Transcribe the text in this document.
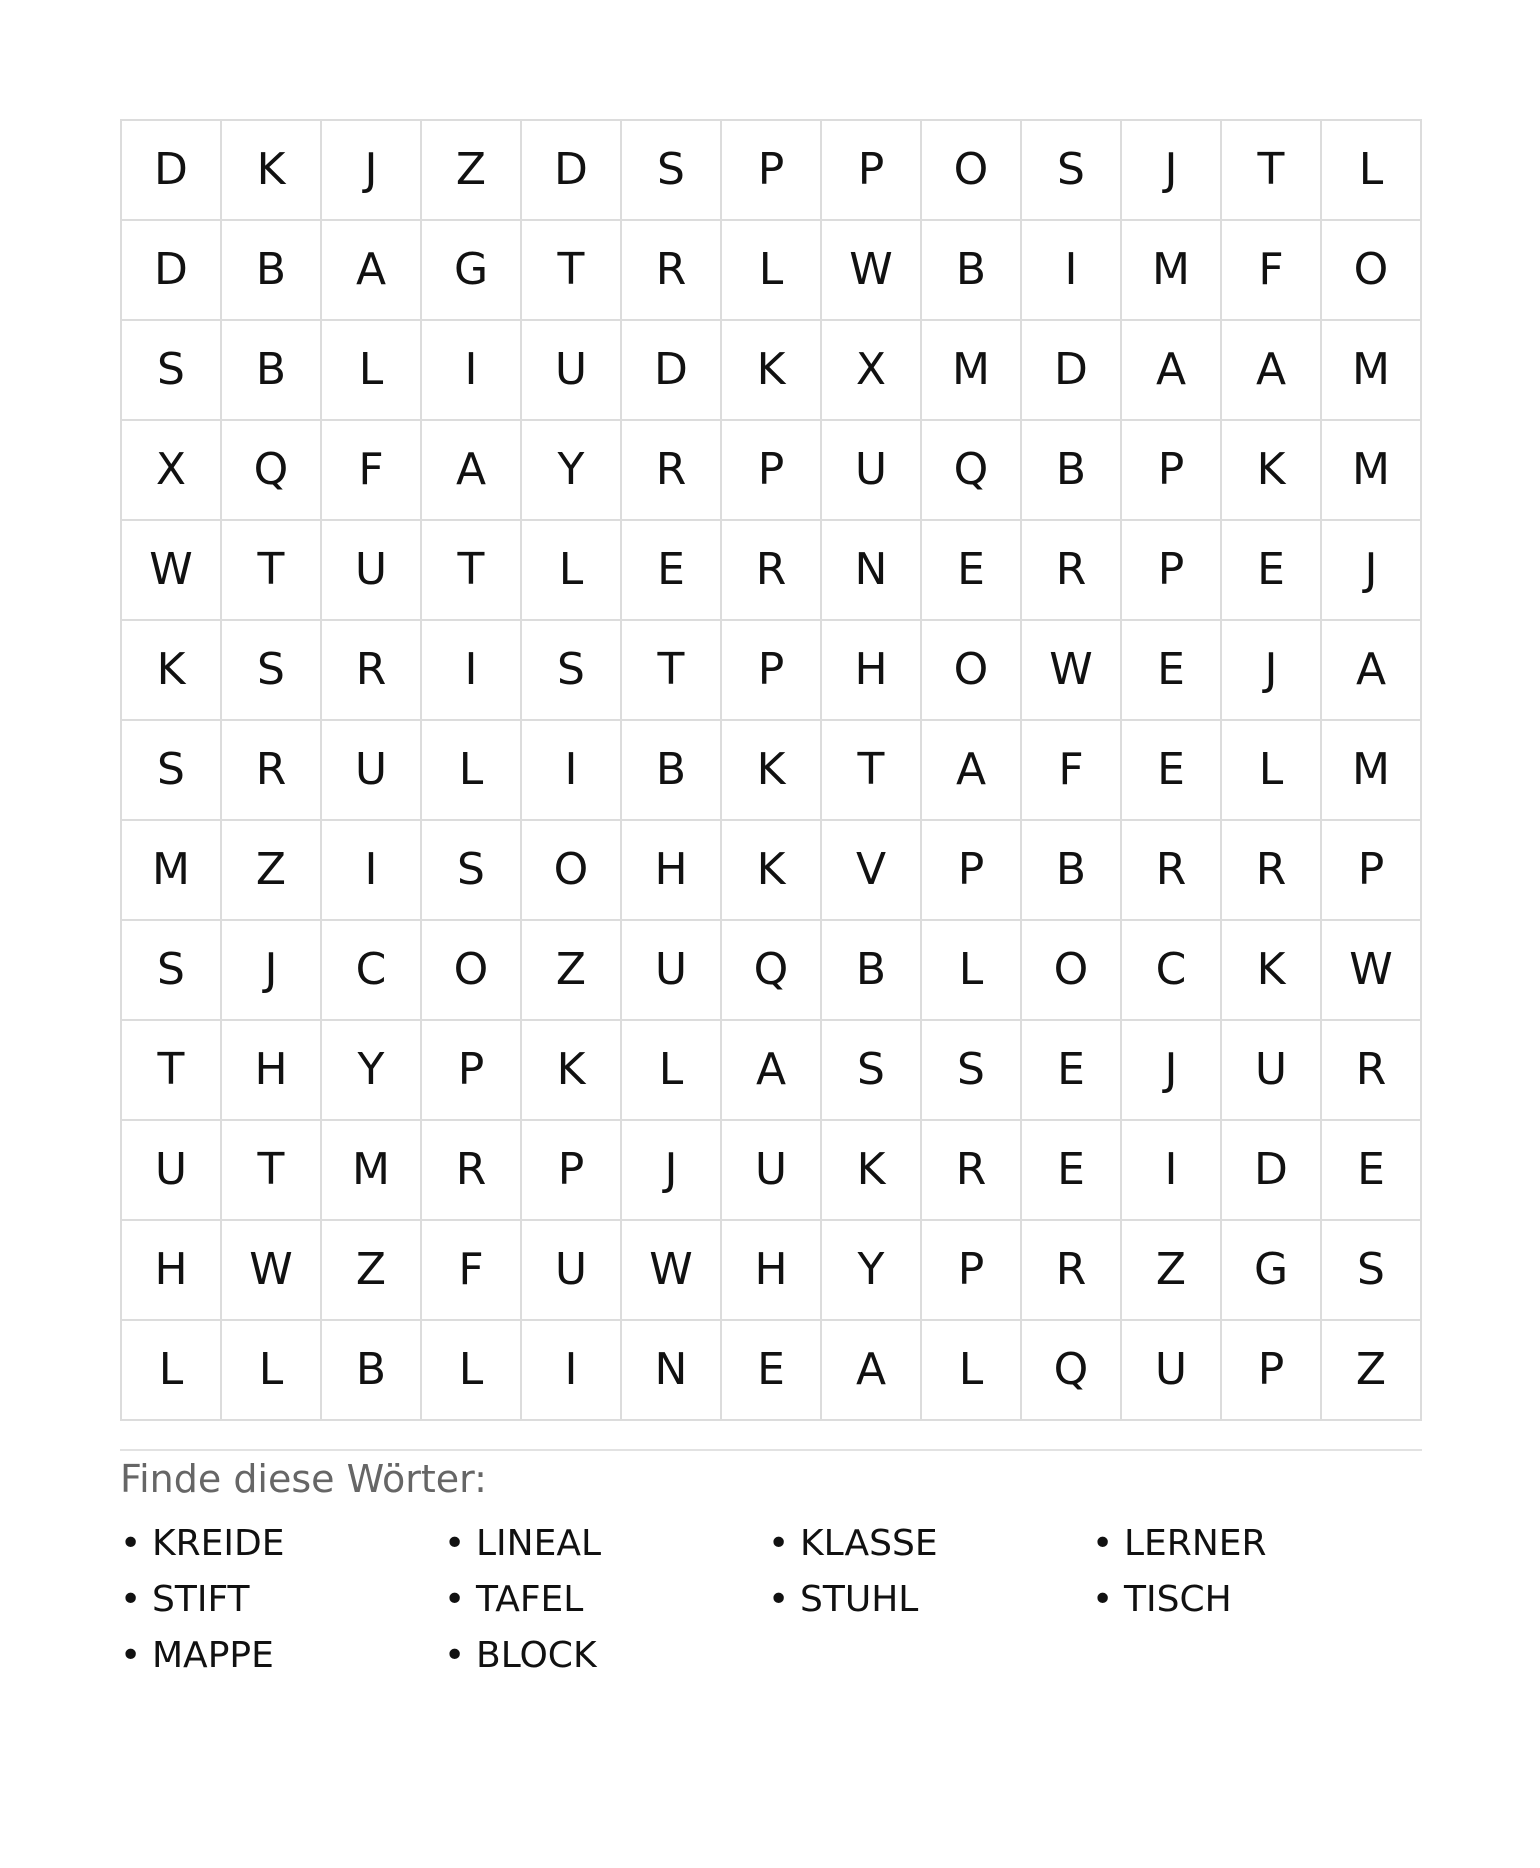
D	K	J	Z	D	S	P	P	O	S	J	T	L
D	B	A	G	T	R	L	W	B	I	M	F	O
S	B	L	I	U	D	K	X	M	D	A	A	M
X	Q	F	A	Y	R	P	U	Q	B	P	K	M
W	T	U	T	L	E	R	N	E	R	P	E	J
K	S	R	I	S	T	P	H	O	W	E	J	A
S	R	U	L	I	B	K	T	A	F	E	L	M
M	Z	I	S	O	H	K	V	P	B	R	R	P
S	J	C	O	Z	U	Q	B	L	O	C	K	W
T	H	Y	P	K	L	A	S	S	E	J	U	R
U	T	M	R	P	J	U	K	R	E	I	D	E
H	W	Z	F	U	W	H	Y	P	R	Z	G	S
L	L	B	L	I	N	E	A	L	Q	U	P	Z
Finde diese Wörter:
• KREIDE	• LINEAL	• KLASSE	• LERNER
• STIFT	• TAFEL	• STUHL	• TISCH
• MAPPE	• BLOCK
